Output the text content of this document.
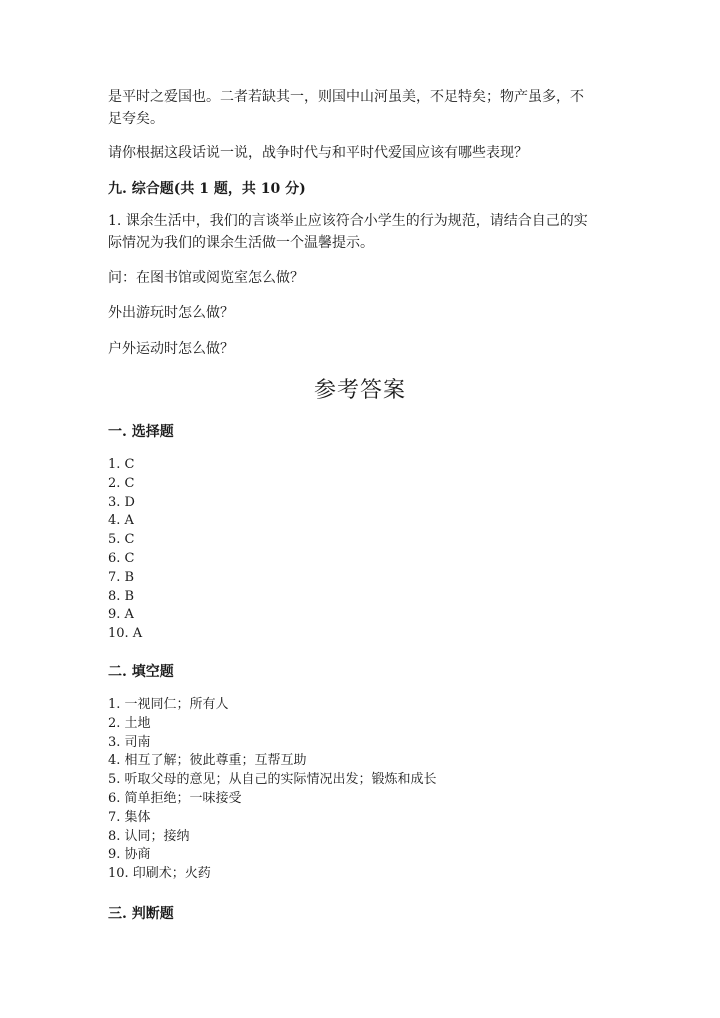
是平时之爱国也。二者若缺其一，则国中山河虽美，不足特矣；物产虽多，不

足夸矣。

请你根据这段话说一说，战争时代与和平时代爱国应该有哪些表现？

九. 综合题(共 1 题，共 10 分)

1. 课余生活中，我们的言谈举止应该符合小学生的行为规范，请结合自己的实

际情况为我们的课余生活做一个温馨提示。

问：在图书馆或阅览室怎么做？

外出游玩时怎么做？

户外运动时怎么做？

参考答案

一. 选择题

1. C
2. C
3. D
4. A
5. C
6. C
7. B
8. B
9. A
10. A

二. 填空题

1. 一视同仁；所有人
2. 土地
3. 司南
4. 相互了解；彼此尊重；互帮互助
5. 听取父母的意见；从自己的实际情况出发；锻炼和成长
6. 简单拒绝；一味接受
7. 集体
8. 认同；接纳
9. 协商
10. 印刷术；火药

三. 判断题
